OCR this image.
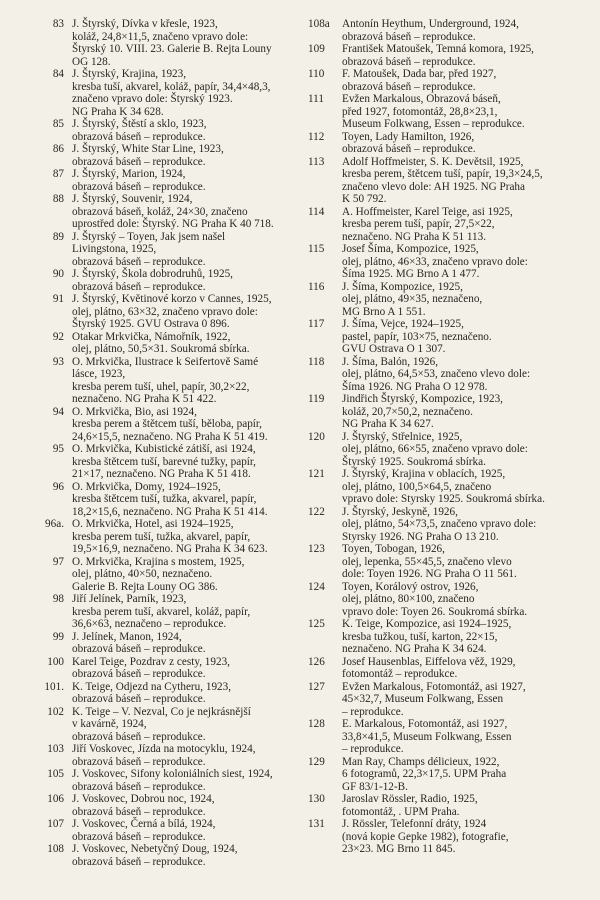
83 J. Štyrský, Dívka v křesle, 1923,
koláž, 24,8×11,5, značeno vpravo dole:
Štyrský 10. VIII. 23. Galerie B. Rejta Louny
OG 128.
84 J. Štyrský, Krajina, 1923,
kresba tuší, akvarel, koláž, papír, 34,4×48,3,
značeno vpravo dole: Štyrský 1923.
NG Praha K 34 628.
85 J. Štyrský, Štěstí a sklo, 1923,
obrazová báseň – reprodukce.
86 J. Štyrský, White Star Line, 1923,
obrazová báseň – reprodukce.
87 J. Štyrský, Marion, 1924,
obrazová báseň – reprodukce.
88 J. Štyrský, Souvenir, 1924,
obrazová báseň, koláž, 24×30, značeno
uprostřed dole: Štyrský. NG Praha K 40 718.
89 J. Štyrský – Toyen, Jak jsem našel
Livingstona, 1925,
obrazová báseň – reprodukce.
90 J. Štyrský, Škola dobrodruhů, 1925,
obrazová báseň – reprodukce.
91 J. Štyrský, Květinové korzo v Cannes, 1925,
olej, plátno, 63×32, značeno vpravo dole:
Štyrský 1925. GVU Ostrava 0 896.
92 Otakar Mrkvička, Námořník, 1922,
olej, plátno, 50,5×31. Soukromá sbírka.
93 O. Mrkvička, Ilustrace k Seifertově Samé
lásce, 1923,
kresba perem tuší, uhel, papír, 30,2×22,
neznačeno. NG Praha K 51 422.
94 O. Mrkvička, Bio, asi 1924,
kresba perem a štětcem tuší, běloba, papír,
24,6×15,5, neznačeno. NG Praha K 51 419.
95 O. Mrkvička, Kubistické zátiší, asi 1924,
kresba štětcem tuší, barevné tužky, papír,
21×17, neznačeno. NG Praha K 51 418.
96 O. Mrkvička, Domy, 1924–1925,
kresba štětcem tuší, tužka, akvarel, papír,
18,2×15,6, neznačeno. NG Praha K 51 414.
96a. O. Mrkvička, Hotel, asi 1924–1925,
kresba perem tuší, tužka, akvarel, papír,
19,5×16,9, neznačeno. NG Praha K 34 623.
97 O. Mrkvička, Krajina s mostem, 1925,
olej, plátno, 40×50, neznačeno.
Galerie B. Rejta Louny OG 386.
98 Jiří Jelínek, Parník, 1923,
kresba perem tuší, akvarel, koláž, papír,
36,6×63, neznačeno – reprodukce.
99 J. Jelínek, Manon, 1924,
obrazová báseň – reprodukce.
100 Karel Teige, Pozdrav z cesty, 1923,
obrazová báseň – reprodukce.
101. K. Teige, Odjezd na Cytheru, 1923,
obrazová báseň – reprodukce.
102 K. Teige – V. Nezval, Co je nejkrásnější
v kavárně, 1924,
obrazová báseň – reprodukce.
103 Jiří Voskovec, Jízda na motocyklu, 1924,
obrazová báseň – reprodukce.
105 J. Voskovec, Sifony koloniálních siest, 1924,
obrazová báseň – reprodukce.
106 J. Voskovec, Dobrou noc, 1924,
obrazová báseň – reprodukce.
107 J. Voskovec, Černá a bílá, 1924,
obrazová báseň – reprodukce.
108 J. Voskovec, Nebetyčný Doug, 1924,
obrazová báseň – reprodukce.
108a	Antonín Heythum, Underground, 1924,
obrazová báseň – reprodukce.
109	František Matoušek, Temná komora, 1925,
obrazová báseň – reprodukce.
110	F. Matoušek, Dada bar, před 1927,
obrazová báseň – reprodukce.
111	Evžen Markalous, Obrazová báseň,
před 1927, fotomontáž, 28,8×23,1,
Museum Folkwang, Essen – reprodukce.
112	Toyen, Lady Hamilton, 1926,
obrazová báseň – reprodukce.
113	Adolf Hoffmeister, S. K. Devětsil, 1925,
kresba perem, štětcem tuší, papír, 19,3×24,5,
značeno vlevo dole: AH 1925. NG Praha
K 50 792.
114	A. Hoffmeister, Karel Teige, asi 1925,
kresba perem tuší, papír, 27,5×22,
neznačeno. NG Praha K 51 113.
115	Josef Šíma, Kompozice, 1925,
olej, plátno, 46×33, značeno vpravo dole:
Šíma 1925. MG Brno A 1 477.
116	J. Šíma, Kompozice, 1925,
olej, plátno, 49×35, neznačeno,
MG Brno A 1 551.
117	J. Šíma, Vejce, 1924–1925,
pastel, papír, 103×75, neznačeno.
GVU Ostrava O 1 307.
118	J. Šíma, Balón, 1926,
olej, plátno, 64,5×53, značeno vlevo dole:
Šíma 1926. NG Praha O 12 978.
119	Jindřich Štyrský, Kompozice, 1923,
koláž, 20,7×50,2, neznačeno.
NG Praha K 34 627.
120	J. Štyrský, Střelnice, 1925,
olej, plátno, 66×55, značeno vpravo dole:
Štyrský 1925. Soukromá sbírka.
121	J. Štyrský, Krajina v oblacích, 1925,
olej, plátno, 100,5×64,5, značeno
vpravo dole: Styrsky 1925. Soukromá sbírka.
122	J. Štyrský, Jeskyně, 1926,
olej, plátno, 54×73,5, značeno vpravo dole:
Styrsky 1926. NG Praha O 13 210.
123	Toyen, Tobogan, 1926,
olej, lepenka, 55×45,5, značeno vlevo
dole: Toyen 1926. NG Praha O 11 561.
124	Toyen, Korálový ostrov, 1926,
olej, plátno, 80×100, značeno
vpravo dole: Toyen 26. Soukromá sbírka.
125	K. Teige, Kompozice, asi 1924–1925,
kresba tužkou, tuší, karton, 22×15,
neznačeno. NG Praha K 34 624.
126	Josef Hausenblas, Eiffelova věž, 1929,
fotomontáž – reprodukce.
127	Evžen Markalous, Fotomontáž, asi 1927,
45×32,7, Museum Folkwang, Essen
– reprodukce.
128	E. Markalous, Fotomontáž, asi 1927,
33,8×41,5, Museum Folkwang, Essen
– reprodukce.
129	Man Ray, Champs délicieux, 1922,
6 fotogramů, 22,3×17,5. UPM Praha
GF 83/1-12-B.
130	Jaroslav Rössler, Radio, 1925,
fotomontáž, . UPM Praha.
131	J. Rössler, Telefonní dráty, 1924
(nová kopie Gepke 1982), fotografie,
23×23. MG Brno 11 845.
